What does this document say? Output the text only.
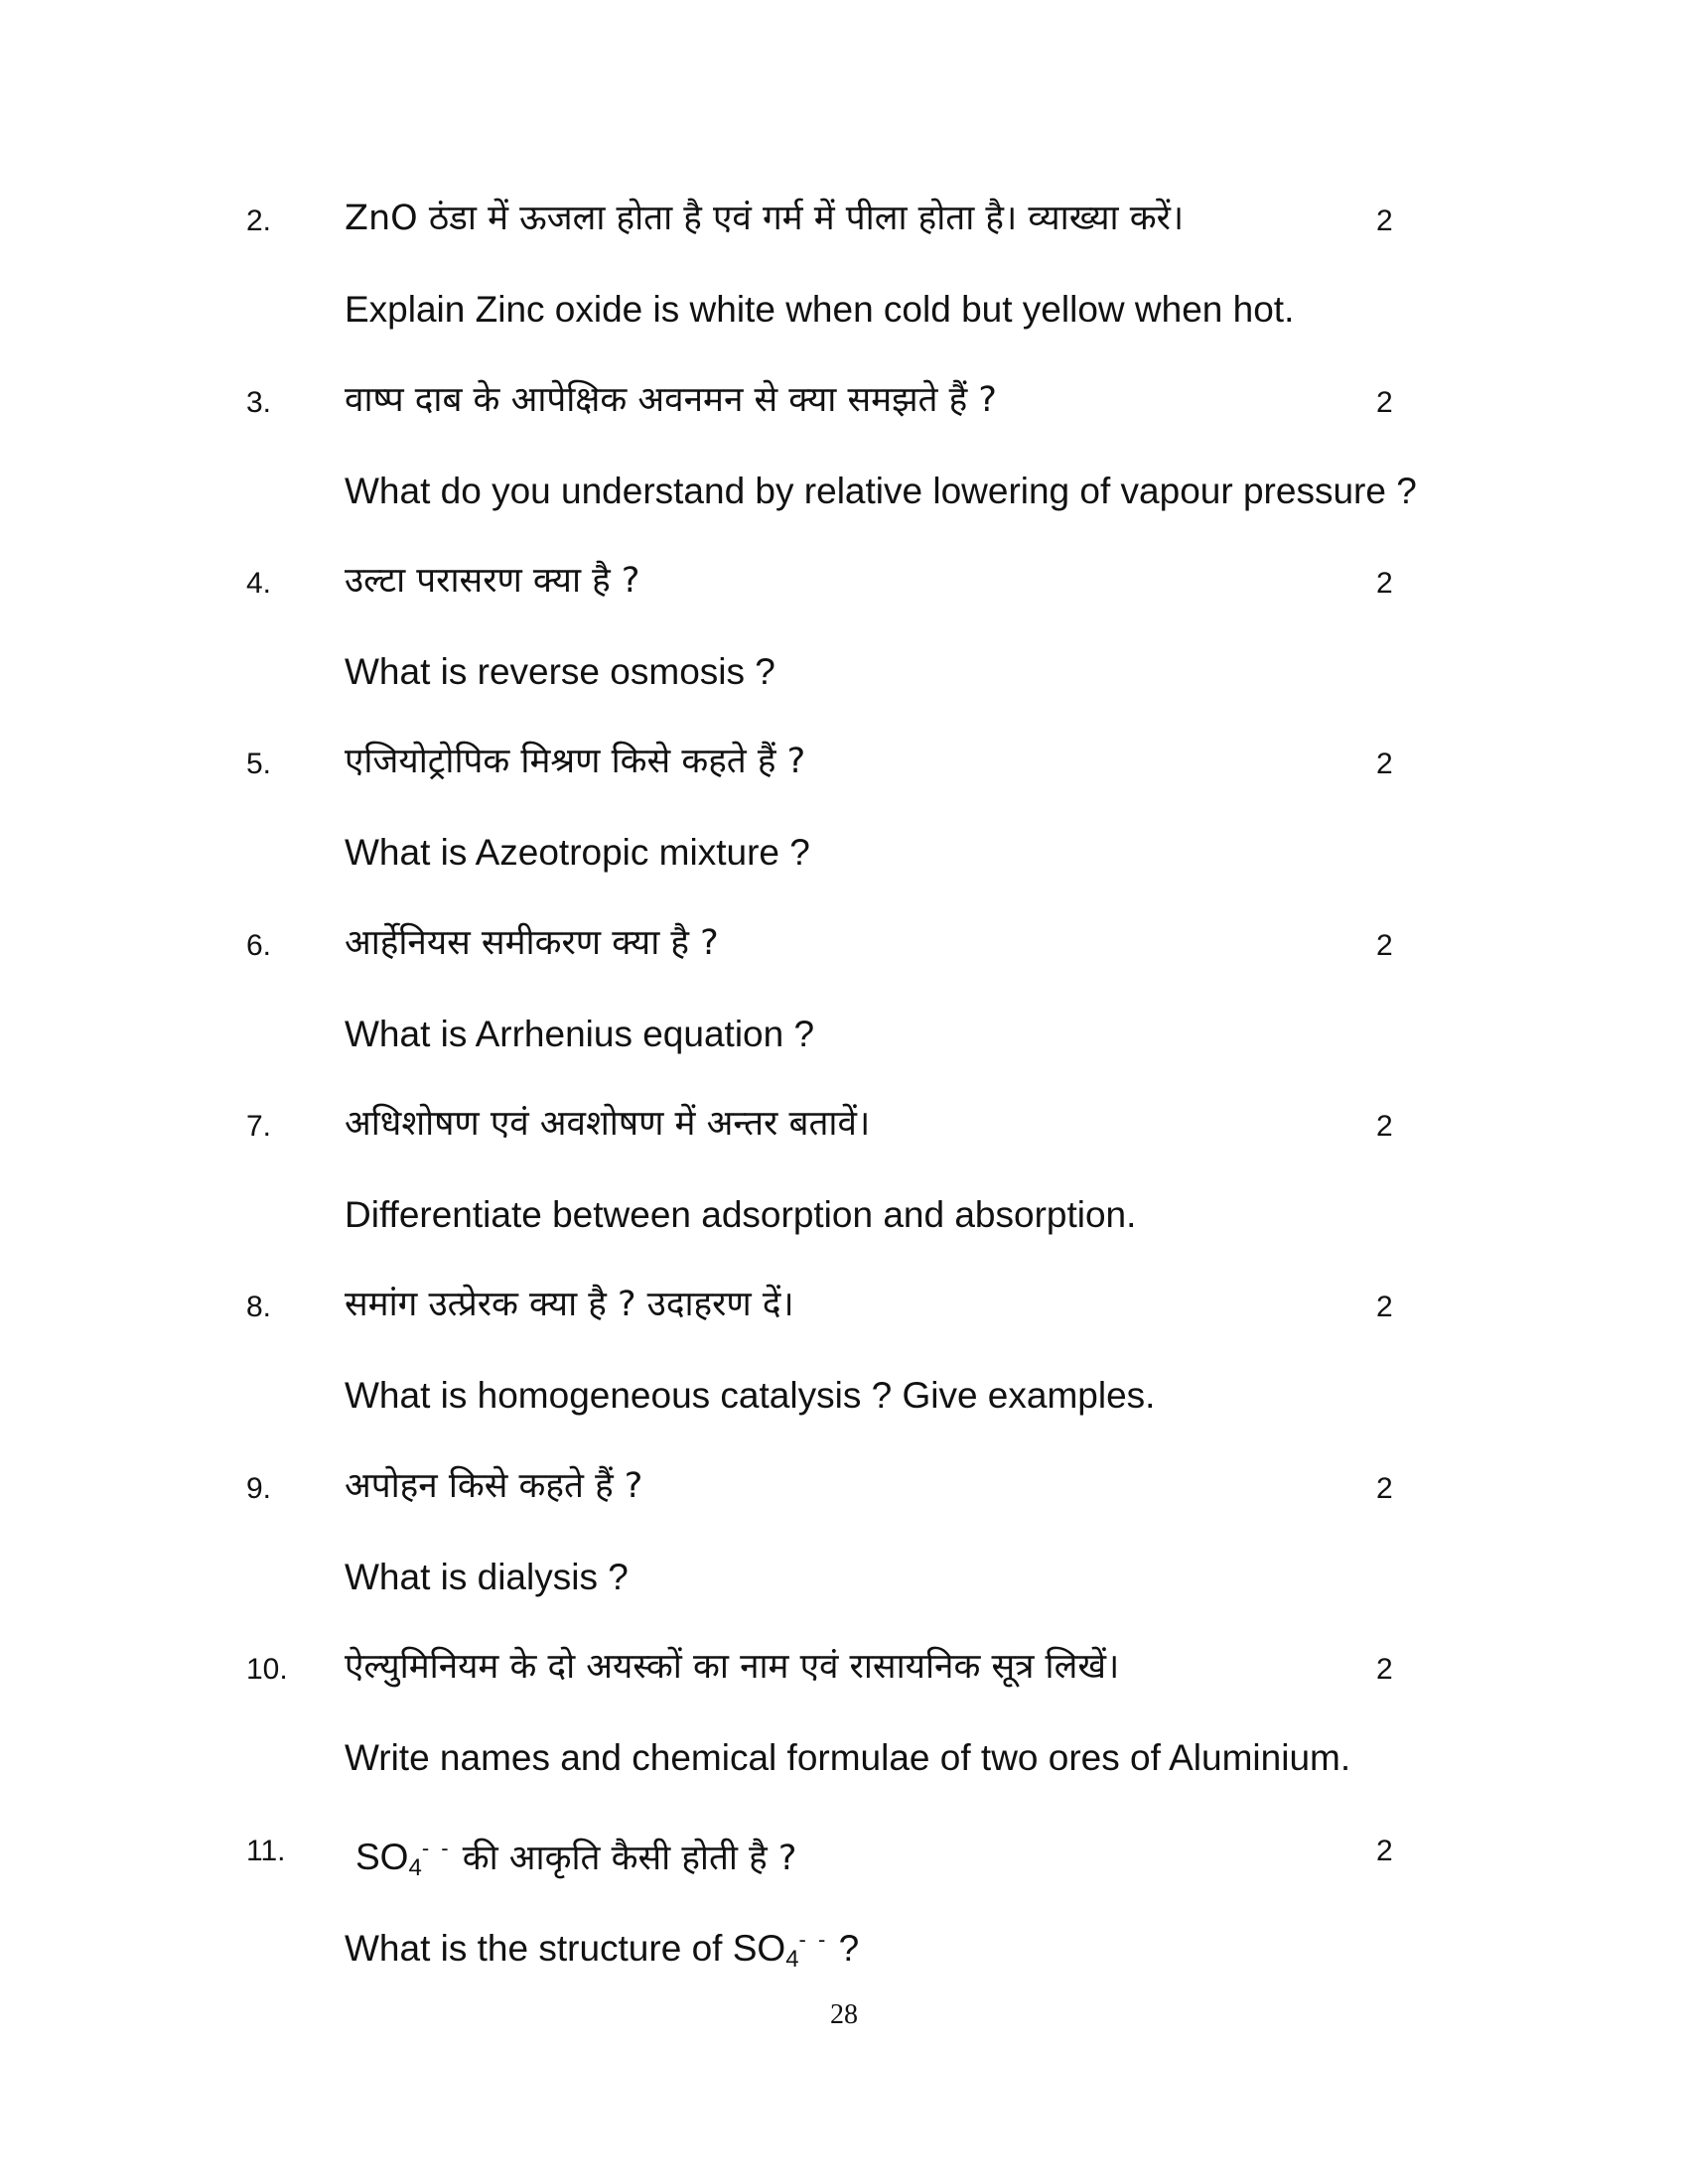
2. ZnO ठंडा में ऊजला होता है एवं गर्म में पीला होता है। व्याख्या करें।	2
Explain Zinc oxide is white when cold but yellow when hot.
3. वाष्प दाब के आपेक्षिक अवनमन से क्या समझते हैं ?	2
What do you understand by relative lowering of vapour pressure ?
4. उल्टा परासरण क्या है ?	2
What is reverse osmosis ?
5. एजियोट्रोपिक मिश्रण किसे कहते हैं ?	2
What is Azeotropic mixture ?
6. आर्हेनियस समीकरण क्या है ?	2
What is Arrhenius equation ?
7. अधिशोषण एवं अवशोषण में अन्तर बतावें।	2
Differentiate between adsorption and absorption.
8. समांग उत्प्रेरक क्या है ? उदाहरण दें।	2
What is homogeneous catalysis ? Give examples.
9. अपोहन किसे कहते हैं ?	2
What is dialysis ?
10. ऐल्युमिनियम के दो अयस्कों का नाम एवं रासायनिक सूत्र लिखें।	2
Write names and chemical formulae of two ores of Aluminium.
11. $SO_4^{- -}$ की आकृति कैसी होती है ?	2
What is the structure of $SO_4^{- -}$ ?
28
